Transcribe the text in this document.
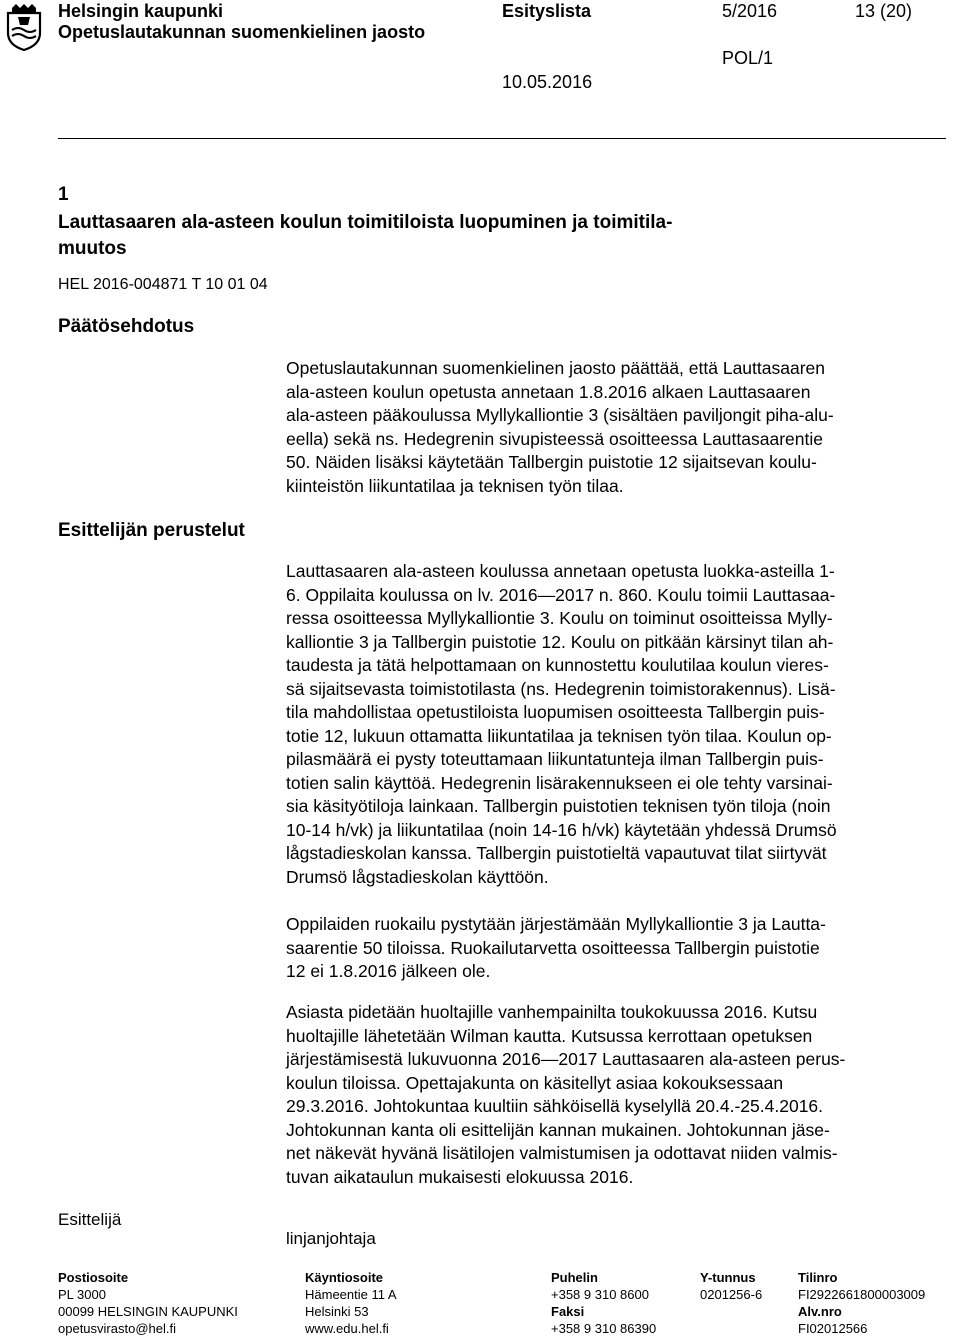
Helsingin kaupunki
Opetuslautakunnan suomenkielinen jaosto
Esityslista	5/2016	13 (20)
POL/1
10.05.2016
1
Lauttasaaren ala-asteen koulun toimitiloista luopuminen ja toimitila-
muutos
HEL 2016-004871 T 10 01 04
Päätösehdotus
Opetuslautakunnan suomenkielinen jaosto päättää, että Lauttasaaren
ala-asteen koulun opetusta annetaan 1.8.2016 alkaen Lauttasaaren
ala-asteen pääkoulussa Myllykalliontie 3 (sisältäen paviljongit piha-alu-
eella) sekä ns. Hedegrenin sivupisteessä osoitteessa Lauttasaarentie
50. Näiden lisäksi käytetään Tallbergin puistotie 12 sijaitsevan koulu-
kiinteistön liikuntatilaa ja teknisen työn tilaa.
Esittelijän perustelut
Lauttasaaren ala-asteen koulussa annetaan opetusta luokka-asteilla 1-
6. Oppilaita koulussa on lv. 2016—2017 n. 860. Koulu toimii Lauttasaa-
ressa osoitteessa Myllykalliontie 3. Koulu on toiminut osoitteissa Mylly-
kalliontie 3 ja Tallbergin puistotie 12. Koulu on pitkään kärsinyt tilan ah-
taudesta ja tätä helpottamaan on kunnostettu koulutilaa koulun vieres-
sä sijaitsevasta toimistotilasta (ns. Hedegrenin toimistorakennus). Lisä-
tila mahdollistaa opetustiloista luopumisen osoitteesta Tallbergin puis-
totie 12, lukuun ottamatta liikuntatilaa ja teknisen työn tilaa. Koulun op-
pilasmäärä ei pysty toteuttamaan liikuntatunteja ilman Tallbergin puis-
totien salin käyttöä. Hedegrenin lisärakennukseen ei ole tehty varsinai-
sia käsityötiloja lainkaan. Tallbergin puistotien teknisen työn tiloja (noin
10-14 h/vk) ja liikuntatilaa (noin 14-16 h/vk) käytetään yhdessä Drumsö
lågstadieskolan kanssa. Tallbergin puistotieltä vapautuvat tilat siirtyvät
Drumsö lågstadieskolan käyttöön.
Oppilaiden ruokailu pystytään järjestämään Myllykalliontie 3 ja Lautta-
saarentie 50 tiloissa. Ruokailutarvetta osoitteessa Tallbergin puistotie
12 ei 1.8.2016 jälkeen ole.
Asiasta pidetään huoltajille vanhempainilta toukokuussa 2016. Kutsu
huoltajille lähetetään Wilman kautta. Kutsussa kerrottaan opetuksen
järjestämisestä lukuvuonna 2016—2017 Lauttasaaren ala-asteen perus-
koulun tiloissa. Opettajakunta on käsitellyt asiaa kokouksessaan
29.3.2016. Johtokuntaa kuultiin sähköisellä kyselyllä 20.4.-25.4.2016.
Johtokunnan kanta oli esittelijän kannan mukainen. Johtokunnan jäse-
net näkevät hyvänä lisätilojen valmistumisen ja odottavat niiden valmis-
tuvan aikataulun mukaisesti elokuussa 2016.
Esittelijä
linjanjohtaja
Postiosoite
PL 3000
00099 HELSINGIN KAUPUNKI
opetusvirasto@hel.fi
Käyntiosoite
Hämeentie 11 A
Helsinki 53
www.edu.hel.fi
Puhelin
+358 9 310 8600
Faksi
+358 9 310 86390
Y-tunnus
0201256-6
Tilinro
FI2922661800003009
Alv.nro
FI02012566
